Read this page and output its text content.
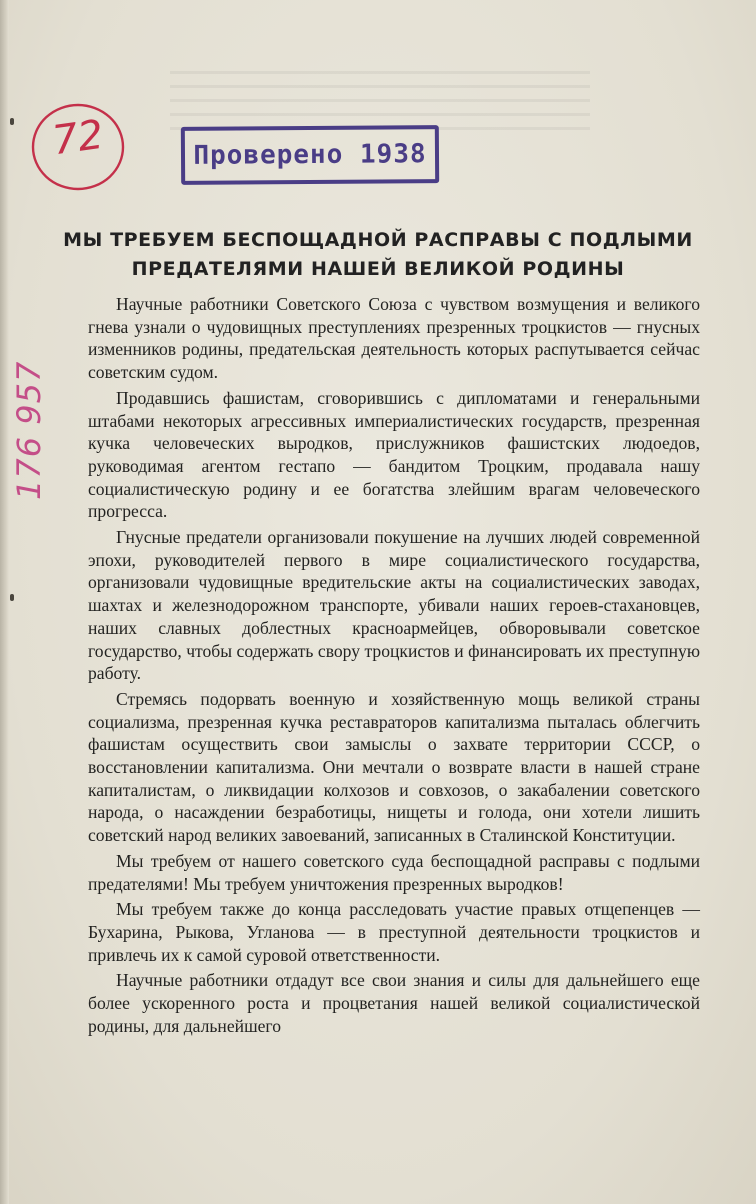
72	Проверено 1938
176 957
МЫ ТРЕБУЕМ БЕСПОЩАДНОЙ РАСПРАВЫ С ПОДЛЫМИ
ПРЕДАТЕЛЯМИ НАШЕЙ ВЕЛИКОЙ РОДИНЫ

Научные работники Советского Союза с чувством возмущения и великого гнева узнали о чудовищных преступлениях презренных троцкистов — гнусных изменников родины, предательская деятельность которых распутывается сейчас советским судом.

Продавшись фашистам, сговорившись с дипломатами и генеральными штабами некоторых агрессивных империалистических государств, презренная кучка человеческих выродков, прислужников фашистских людоедов, руководимая агентом гестапо — бандитом Троцким, продавала нашу социалистическую родину и ее богатства злейшим врагам человеческого прогресса.

Гнусные предатели организовали покушение на лучших людей современной эпохи, руководителей первого в мире социалистического государства, организовали чудовищные вредительские акты на социалистических заводах, шахтах и железнодорожном транспорте, убивали наших героев-стахановцев, наших славных доблестных красноармейцев, обворовывали советское государство, чтобы содержать свору троцкистов и финансировать их преступную работу.

Стремясь подорвать военную и хозяйственную мощь великой страны социализма, презренная кучка реставраторов капитализма пыталась облегчить фашистам осуществить свои замыслы о захвате территории СССР, о восстановлении капитализма. Они мечтали о возврате власти в нашей стране капиталистам, о ликвидации колхозов и совхозов, о закабалении советского народа, о насаждении безработицы, нищеты и голода, они хотели лишить советский народ великих завоеваний, записанных в Сталинской Конституции.

Мы требуем от нашего советского суда беспощадной расправы с подлыми предателями! Мы требуем уничтожения презренных выродков!

Мы требуем также до конца расследовать участие правых отщепенцев — Бухарина, Рыкова, Угланова — в преступной деятельности троцкистов и привлечь их к самой суровой ответственности.

Научные работники отдадут все свои знания и силы для дальнейшего еще более ускоренного роста и процветания нашей великой социалистической родины, для дальнейшего
